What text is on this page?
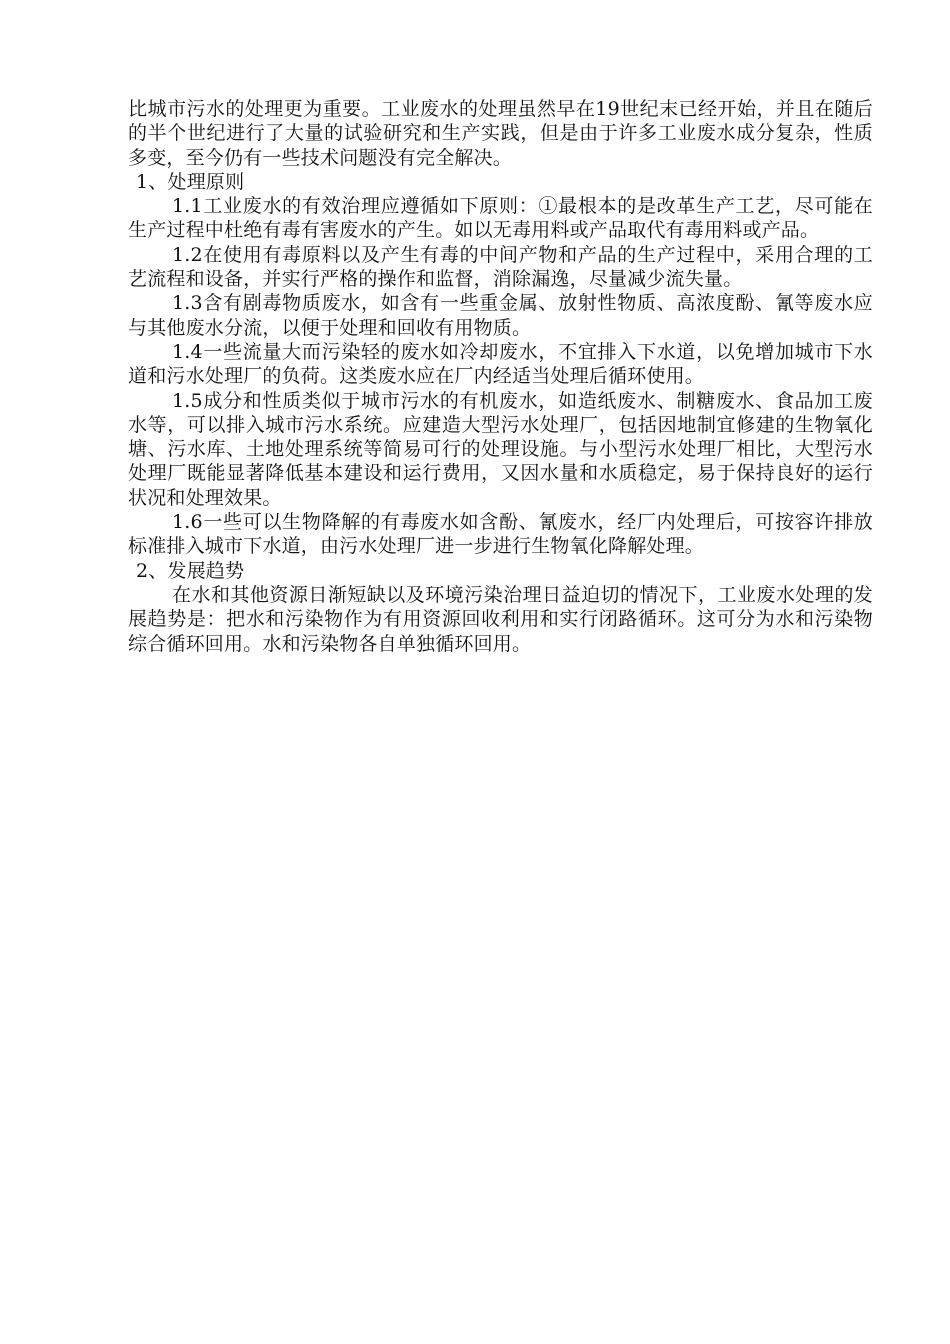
比城市污水的处理更为重要。工业废水的处理虽然早在19世纪末已经开始，并且在随后的半个世纪进行了大量的试验研究和生产实践，但是由于许多工业废水成分复杂，性质多变，至今仍有一些技术问题没有完全解决。

1、处理原则

1.1工业废水的有效治理应遵循如下原则：①最根本的是改革生产工艺，尽可能在生产过程中杜绝有毒有害废水的产生。如以无毒用料或产品取代有毒用料或产品。

1.2在使用有毒原料以及产生有毒的中间产物和产品的生产过程中，采用合理的工艺流程和设备，并实行严格的操作和监督，消除漏逸，尽量减少流失量。

1.3含有剧毒物质废水，如含有一些重金属、放射性物质、高浓度酚、氰等废水应与其他废水分流，以便于处理和回收有用物质。

1.4一些流量大而污染轻的废水如冷却废水，不宜排入下水道，以免增加城市下水道和污水处理厂的负荷。这类废水应在厂内经适当处理后循环使用。

1.5成分和性质类似于城市污水的有机废水，如造纸废水、制糖废水、食品加工废水等，可以排入城市污水系统。应建造大型污水处理厂，包括因地制宜修建的生物氧化塘、污水库、土地处理系统等简易可行的处理设施。与小型污水处理厂相比，大型污水处理厂既能显著降低基本建设和运行费用，又因水量和水质稳定，易于保持良好的运行状况和处理效果。

1.6一些可以生物降解的有毒废水如含酚、氰废水，经厂内处理后，可按容许排放标准排入城市下水道，由污水处理厂进一步进行生物氧化降解处理。

2、发展趋势

在水和其他资源日渐短缺以及环境污染治理日益迫切的情况下，工业废水处理的发展趋势是：把水和污染物作为有用资源回收利用和实行闭路循环。这可分为水和污染物综合循环回用。水和污染物各自单独循环回用。
